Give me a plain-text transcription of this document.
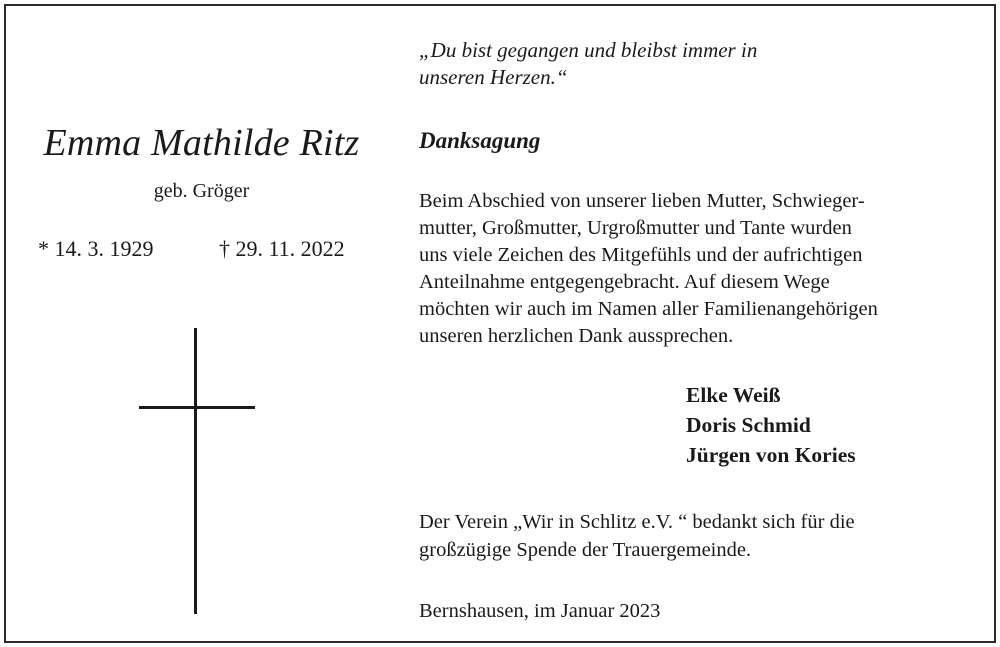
Emma Mathilde Ritz
geb. Gröger
* 14. 3. 1929	† 29. 11. 2022
„Du bist gegangen und bleibst immer in
unseren Herzen.“
Danksagung
Beim Abschied von unserer lieben Mutter, Schwieger-
mutter, Großmutter, Urgroßmutter und Tante wurden
uns viele Zeichen des Mitgefühls und der aufrichtigen
Anteilnahme entgegengebracht. Auf diesem Wege
möchten wir auch im Namen aller Familienangehörigen
unseren herzlichen Dank aussprechen.
Elke Weiß
Doris Schmid
Jürgen von Kories
Der Verein „Wir in Schlitz e.V. “ bedankt sich für die
großzügige Spende der Trauergemeinde.
Bernshausen, im Januar 2023
